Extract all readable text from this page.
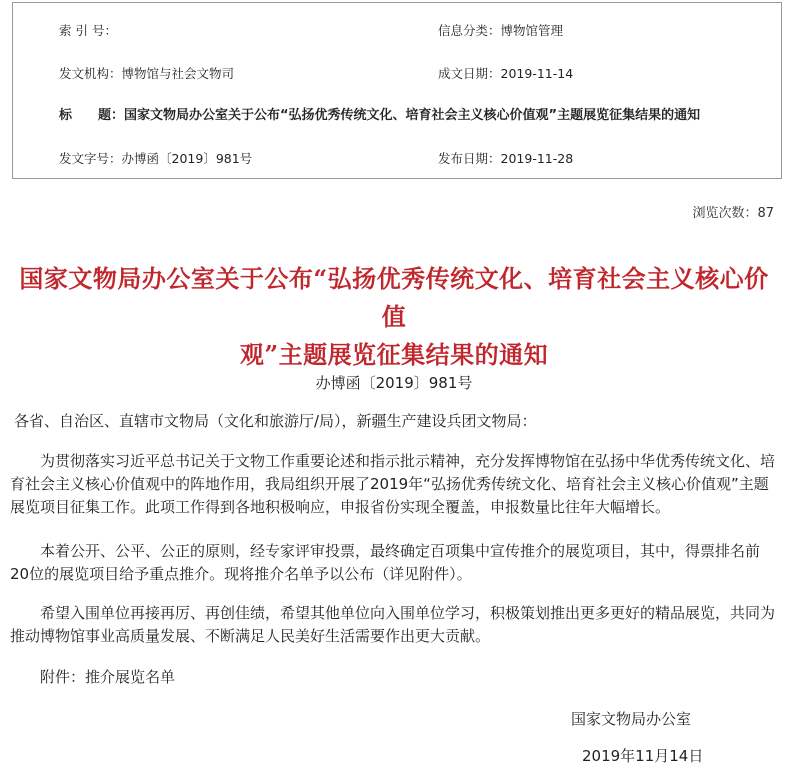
索 引 号：	信息分类：博物馆管理
发文机构：博物馆与社会文物司	成文日期：2019-11-14
标　　题：国家文物局办公室关于公布“弘扬优秀传统文化、培育社会主义核心价值观”主题展览征集结果的通知
发文字号：办博函〔2019〕981号	发布日期：2019-11-28
浏览次数：87
国家文物局办公室关于公布“弘扬优秀传统文化、培育社会主义核心价值
观”主题展览征集结果的通知
办博函〔2019〕981号
各省、自治区、直辖市文物局（文化和旅游厅/局），新疆生产建设兵团文物局：
为贯彻落实习近平总书记关于文物工作重要论述和指示批示精神，充分发挥博物馆在弘扬中华优秀传统文化、培育社会主义核心价值观中的阵地作用，我局组织开展了2019年“弘扬优秀传统文化、培育社会主义核心价值观”主题展览项目征集工作。此项工作得到各地积极响应，申报省份实现全覆盖，申报数量比往年大幅增长。
本着公开、公平、公正的原则，经专家评审投票，最终确定百项集中宣传推介的展览项目，其中，得票排名前20位的展览项目给予重点推介。现将推介名单予以公布（详见附件）。
希望入围单位再接再厉、再创佳绩，希望其他单位向入围单位学习，积极策划推出更多更好的精品展览，共同为推动博物馆事业高质量发展、不断满足人民美好生活需要作出更大贡献。
附件：推介展览名单
国家文物局办公室
2019年11月14日
